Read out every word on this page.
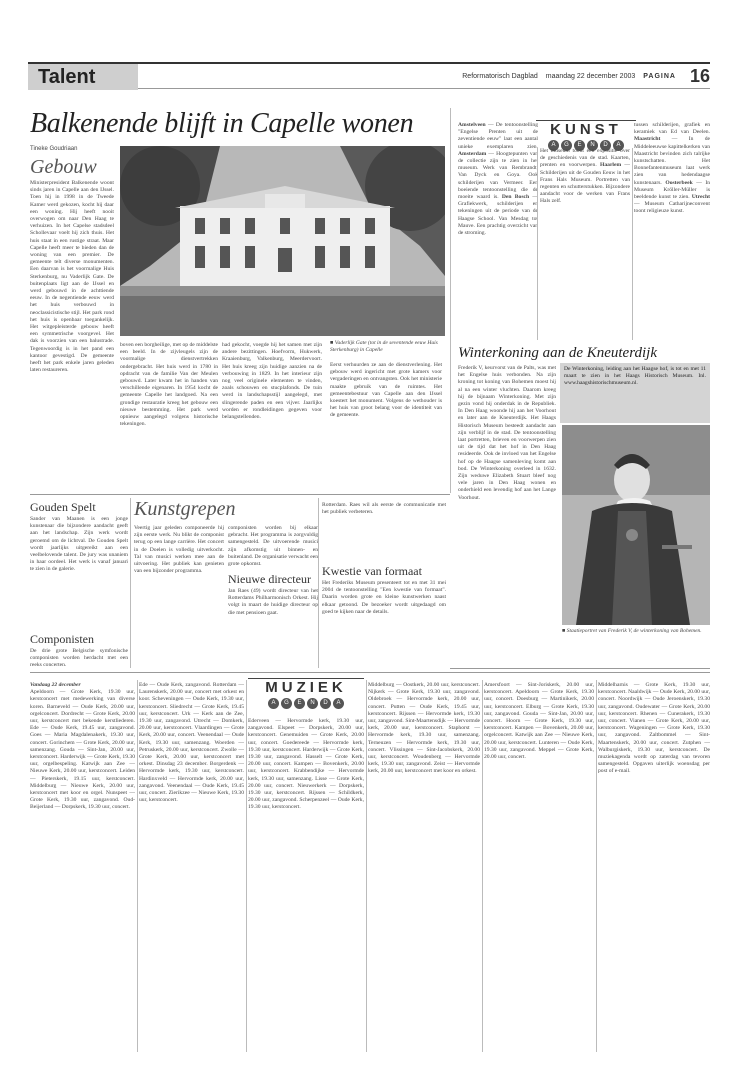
Talent	Reformatorisch Dagblad maandag 22 december 2003 PAGINA 16
Balkenende blijft in Capelle wonen
Tineke Goudriaan
Gebouw
Ministerpresident Balkenende woont sinds jaren in Capelle aan den IJssel. Toen hij in 1998 in de Tweede Kamer werd gekozen, kocht hij daar een woning. Hij heeft nooit overwogen om naar Den Haag te verhuizen. In het Capelse stadsdeel Schollevaar voelt hij zich thuis. Het huis staat in een rustige straat. Maar Capelle heeft meer te bieden dan de woning van een premier. De gemeente telt diverse monumenten. Een daarvan is het voormalige Huis Sterkenburg, nu Vaderlijk Gate. De buitenplaats ligt aan de IJssel en werd gebouwd in de achttiende eeuw. In de negentiende eeuw werd het huis verbouwd in neoclassicistische stijl. Het park rond het huis is openbaar toegankelijk. Het witgepleisterde gebouw heeft een symmetrische voorgevel. Het dak is voorzien van een balustrade. Tegenwoordig is in het pand een kantoor gevestigd. De gemeente heeft het park enkele jaren geleden laten restaureren.
■ Vaderlijk Gate (tot in de seventende eeuw Huis Sterkenburg) in Capelle
boven een borgheilige, met op de middelste een beeld. In de zijvleugels zijn de voormalige dienstvertrekken ondergebracht. Het huis werd in 1780 in opdracht van de familie Van der Meulen gebouwd. Later kwam het in handen van verschillende eigenaren. In 1954 kocht de gemeente Capelle het landgoed. Na een grondige restauratie kreeg het gebouw een nieuwe bestemming. Het park werd opnieuw aangelegd volgens historische tekeningen.
had gekocht, voegde hij het samen met zijn andere bezittingen. Hoefvorm, Hukwerk, Kraaienburg, Valkenburg, Meerdervoort. Het huis kreeg zijn huidige aanzien na de verbouwing in 1829. In het interieur zijn nog veel originele elementen te vinden, zoals schouwen en stucplafonds. De tuin werd in landschapsstijl aangelegd, met slingerende paden en een vijver. Jaarlijks worden er rondleidingen gegeven voor belangstellenden.
Eerst verhuurden ze aan de dienstverlening. Het gebouw werd ingericht met grote kamers voor vergaderingen en ontvangsten. Ook het ministerie maakte gebruik van de ruimtes. Het gemeentebestuur van Capelle aan den IJssel koestert het monument. Volgens de wethouder is het huis van groot belang voor de identiteit van de gemeente.
KUNST
A	G	E	N	D	A
Amstelveen — De tentoonstelling "Engelse Prenten uit de zeventiende eeuw" laat een aantal unieke exemplaren zien. Amsterdam — Hoogtepunten van de collectie zijn te zien in het museum. Werk van Rembrandt, Van Dyck en Goya. Ook schilderijen van Vermeer. Een boeiende tentoonstelling die de moeite waard is. Den Bosch — Grafiekwerk, schilderijen en tekeningen uit de periode van de Haagse School. Van Mesdag tot Mauve. Een prachtig overzicht van de stroming.
Het museum toont een expositie over de geschiedenis van de stad. Kaarten, prenten en voorwerpen. Haarlem — Schilderijen uit de Gouden Eeuw in het Frans Hals Museum. Portretten van regenten en schutterstukken. Bijzondere aandacht voor de werken van Frans Hals zelf.
tussen schilderijen, grafiek en keramiek van Ed van Deelen. Maastricht — In de Middeleeuwse kapittelkerken van Maastricht bevinden zich talrijke kunstschatten. Het Bonnefantenmuseum laat werk zien van hedendaagse kunstenaars. Oosterbeek — In Museum Kröller-Müller is beeldende kunst te zien. Utrecht — Museum Catharijneconvent toont religieuze kunst.
Winterkoning aan de Kneuterdijk
Frederik V, keurvorst van de Palts, was met het Engelse huis verbonden. Na zijn kroning tot koning van Bohemen moest hij al na een winter vluchten. Daarom kreeg hij de bijnaam Winterkoning. Met zijn gezin vond hij onderdak in de Republiek. In Den Haag woonde hij aan het Voorhout en later aan de Kneuterdijk. Het Haags Historisch Museum besteedt aandacht aan zijn verblijf in de stad. De tentoonstelling laat portretten, brieven en voorwerpen zien uit de tijd dat het hof in Den Haag resideerde. Ook de invloed van het Engelse hof op de Haagse samenleving komt aan bod. De Winterkoning overleed in 1632. Zijn weduwe Elizabeth Stuart bleef nog vele jaren in Den Haag wonen en onderhield een levendig hof aan het Lange Voorhout.
De Winterkoning, leiding aan het Haagse hof, is tot en met 11 maart te zien in het Haags Historisch Museum. Inl. www.haagshistorischmuseum.nl.
■ Staatieportret van Frederik V, de winterkoning van Bohemen.
Gouden Spelt
Sander van Maanen is een jonge kunstenaar die bijzondere aandacht geeft aan het landschap. Zijn werk wordt geroemd om de lichtval. De Gouden Spelt wordt jaarlijks uitgereikt aan een veelbelovende talent. De jury was unaniem in haar oordeel. Het werk is vanaf januari te zien in de galerie.
Componisten
De drie grote Belgische symfonische componisten worden herdacht met een reeks concerten.
Kunstgrepen
Veertig jaar geleden componeerde hij zijn eerste werk. Nu blikt de componist terug op een lange carrière. Het concert in de Doelen is volledig uitverkocht. Tal van musici werken mee aan de uitvoering. Het publiek kan genieten van een bijzonder programma.
componisten worden bij elkaar gebracht. Het programma is zorgvuldig samengesteld. De uitvoerende musici zijn afkomstig uit binnen- en buitenland. De organisatie verwacht een grote opkomst.
Nieuwe directeur
Jan Raes (49) wordt directeur van het Rotterdams Philharmonisch Orkest. Hij volgt in maart de huidige directeur op die met pensioen gaat.
Rotterdam. Raes wil als eerste de communicatie met het publiek verbeteren.
Kwestie van formaat
Het Frederiks Museum presenteert tot en met 31 mei 2004 de tentoonstelling "Een kwestie van formaat". Daarin worden grote en kleine kunstwerken naast elkaar getoond. De bezoeker wordt uitgedaagd om goed te kijken naar de details.
MUZIEK
A	G	E	N	D	A
Vandaag 22 december
Apeldoorn — Grote Kerk, 19.30 uur, kerstconcert met medewerking van diverse koren. Barneveld — Oude Kerk, 20.00 uur, orgelconcert. Dordrecht — Grote Kerk, 20.00 uur, kerstconcert met bekende kerstliederen. Ede — Oude Kerk, 19.45 uur, zangavond. Goes — Maria Magdalenakerk, 19.30 uur, concert. Gorinchem — Grote Kerk, 20.00 uur, samenzang. Gouda — Sint-Jan, 20.00 uur, kerstconcert. Harderwijk — Grote Kerk, 19.30 uur, orgelbespeling. Katwijk aan Zee — Nieuwe Kerk, 20.00 uur, kerstconcert. Leiden — Pieterskerk, 19.15 uur, kerstconcert. Middelburg — Nieuwe Kerk, 20.00 uur, kerstconcert met koor en orgel. Nunspeet — Grote Kerk, 19.30 uur, zangavond. Oud-Beijerland — Dorpskerk, 19.30 uur, concert.
Ede — Oude Kerk, zangavond. Rotterdam — Laurenskerk, 20.00 uur, concert met orkest en koor. Scheveningen — Oude Kerk, 19.30 uur, kerstconcert. Sliedrecht — Grote Kerk, 19.45 uur, kerstconcert. Urk — Kerk aan de Zee, 19.30 uur, zangavond. Utrecht — Domkerk, 20.00 uur, kerstconcert. Vlaardingen — Grote Kerk, 20.00 uur, concert. Veenendaal — Oude Kerk, 19.30 uur, samenzang. Woerden — Petruskerk, 20.00 uur, kerstconcert. Zwolle — Grote Kerk, 20.00 uur, kerstconcert met orkest. Dinsdag 23 december. Borgerdenk — Hervormde kerk, 19.30 uur, kerstconcert. Hardinxveld — Hervormde kerk, 20.00 uur, zangavond. Veenendaal — Oude Kerk, 19.45 uur, concert. Zierikzee — Nieuwe Kerk, 19.30 uur, kerstconcert.
Ederveen — Hervormde kerk, 19.30 uur, zangavond. Elspeet — Dorpskerk, 20.00 uur, kerstconcert. Genemuiden — Grote Kerk, 20.00 uur, concert. Goedereede — Hervormde kerk, 19.30 uur, kerstconcert. Harderwijk — Grote Kerk, 19.30 uur, zangavond. Hasselt — Grote Kerk, 20.00 uur, concert. Kampen — Bovenkerk, 20.00 uur, kerstconcert. Krabbendijke — Hervormde kerk, 19.30 uur, samenzang. Lisse — Grote Kerk, 20.00 uur, concert. Nieuwerkerk — Dorpskerk, 19.30 uur, kerstconcert. Rijssen — Schildkerk, 20.00 uur, zangavond. Scherpenzeel — Oude Kerk, 19.30 uur, kerstconcert.
Middelburg — Oostkerk, 20.00 uur, kerstconcert. Nijkerk — Grote Kerk, 19.30 uur, zangavond. Oldebroek — Hervormde kerk, 20.00 uur, concert. Putten — Oude Kerk, 19.45 uur, kerstconcert. Rijssen — Hervormde kerk, 19.30 uur, zangavond. Sint-Maartensdijk — Hervormde kerk, 20.00 uur, kerstconcert. Staphorst — Hervormde kerk, 19.30 uur, samenzang. Terneuzen — Hervormde kerk, 19.30 uur, concert. Vlissingen — Sint-Jacobskerk, 20.00 uur, kerstconcert. Woudenberg — Hervormde kerk, 19.30 uur, zangavond. Zeist — Hervormde kerk, 20.00 uur, kerstconcert met koor en orkest.
Amersfoort — Sint-Joriskerk, 20.00 uur, kerstconcert. Apeldoorn — Grote Kerk, 19.30 uur, concert. Doesburg — Martinikerk, 20.00 uur, kerstconcert. Elburg — Grote Kerk, 19.30 uur, zangavond. Gouda — Sint-Jan, 20.00 uur, concert. Hoorn — Grote Kerk, 19.30 uur, kerstconcert. Kampen — Bovenkerk, 20.00 uur, orgelconcert. Katwijk aan Zee — Nieuwe Kerk, 20.00 uur, kerstconcert. Lunteren — Oude Kerk, 19.30 uur, zangavond. Meppel — Grote Kerk, 20.00 uur, concert.
Middelharnis — Grote Kerk, 19.30 uur, kerstconcert. Naaldwijk — Oude Kerk, 20.00 uur, concert. Noordwijk — Oude Jeroenskerk, 19.30 uur, zangavond. Oudewater — Grote Kerk, 20.00 uur, kerstconcert. Rhenen — Cunerakerk, 19.30 uur, concert. Vianen — Grote Kerk, 20.00 uur, kerstconcert. Wageningen — Grote Kerk, 19.30 uur, zangavond. Zaltbommel — Sint-Maartenskerk, 20.00 uur, concert. Zutphen — Walburgiskerk, 19.30 uur, kerstconcert. De muziekagenda wordt op zaterdag van tevoren samengesteld. Opgaven uiterlijk woensdag per post of e-mail.
